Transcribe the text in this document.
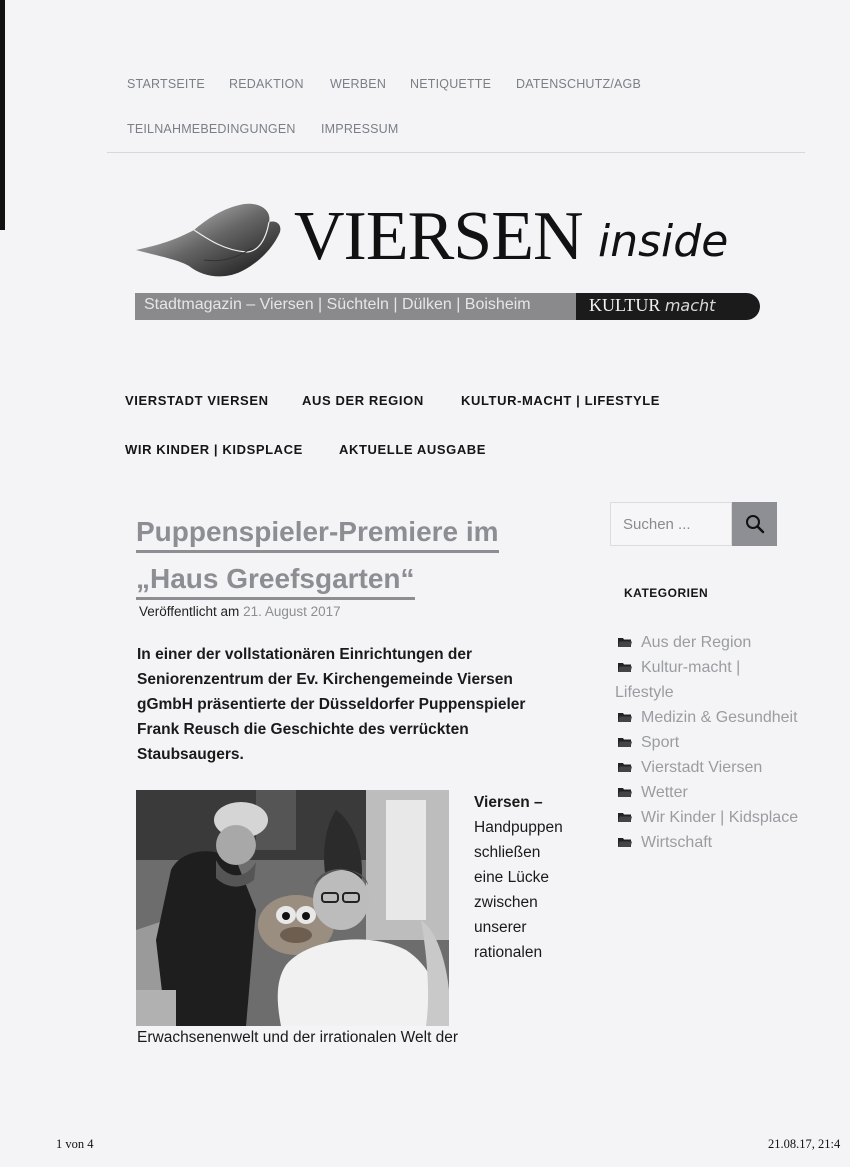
STARTSEITE REDAKTION WERBEN NETIQUETTE DATENSCHUTZ/AGB
TEILNAHMEBEDINGUNGEN IMPRESSUM
VIERSEN inside
Stadtmagazin – Viersen | Süchteln | Dülken | Boisheim	KULTUR macht
VIERSTADT VIERSEN	AUS DER REGION	KULTUR-MACHT | LIFESTYLE
WIR KINDER | KIDSPLACE	AKTUELLE AUSGABE
Puppenspieler-Premiere im
„Haus Greefsgarten“
Veröffentlicht am 21. August 2017

In einer der vollstationären Einrichtungen der Seniorenzentrum der Ev. Kirchengemeinde Viersen gGmbH präsentierte der Düsseldorfer Puppenspieler Frank Reusch die Geschichte des verrückten Staubsaugers.

Viersen –
Handpuppen
schließen
eine Lücke
zwischen
unserer
rationalen

Erwachsenenwelt und der irrationalen Welt der

Suchen ...
KATEGORIEN
Aus der Region
Kultur-macht | Lifestyle
Medizin & Gesundheit
Sport
Vierstadt Viersen
Wetter
Wir Kinder | Kidsplace
Wirtschaft
1 von 4	21.08.17, 21:4
